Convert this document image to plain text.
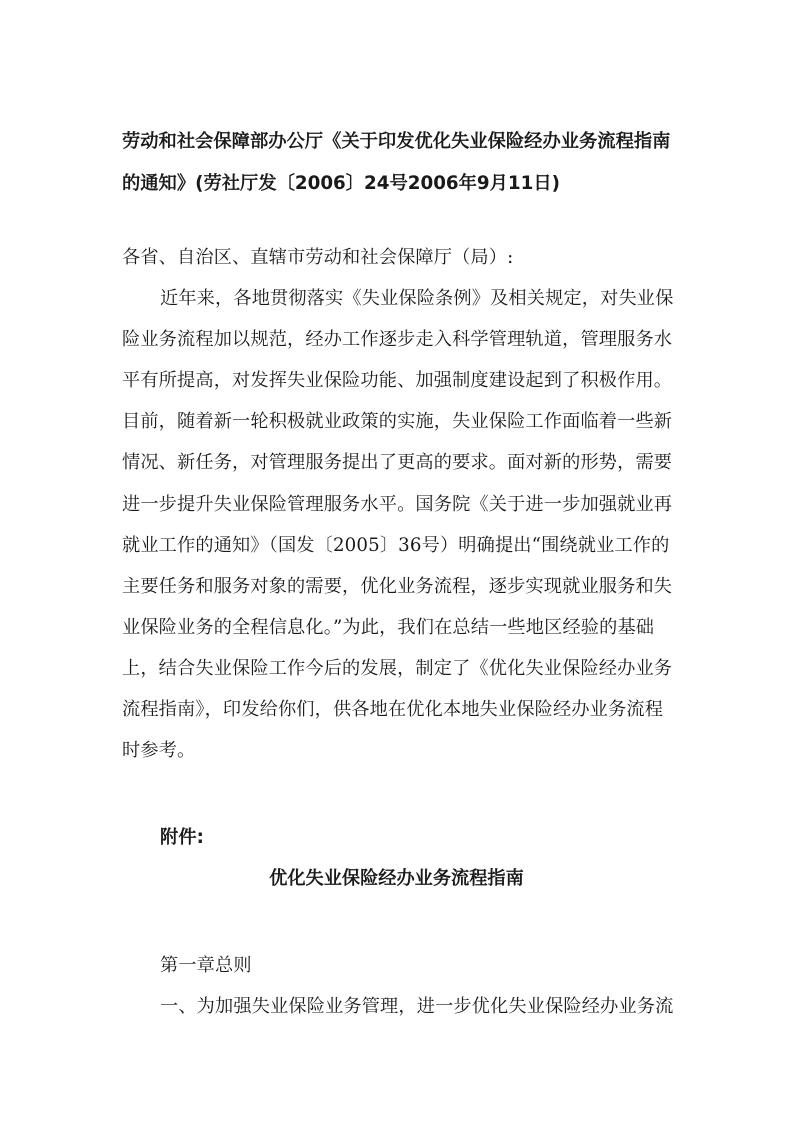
劳动和社会保障部办公厅《关于印发优化失业保险经办业务流程指南
的通知》(劳社厅发〔2006〕24号2006年9月11日)
各省、自治区、直辖市劳动和社会保障厅（局）:
近年来，各地贯彻落实《失业保险条例》及相关规定，对失业保
险业务流程加以规范，经办工作逐步走入科学管理轨道，管理服务水
平有所提高，对发挥失业保险功能、加强制度建设起到了积极作用。
目前，随着新一轮积极就业政策的实施，失业保险工作面临着一些新
情况、新任务，对管理服务提出了更高的要求。面对新的形势，需要
进一步提升失业保险管理服务水平。国务院《关于进一步加强就业再
就业工作的通知》（国发〔2005〕36号）明确提出“围绕就业工作的
主要任务和服务对象的需要，优化业务流程，逐步实现就业服务和失
业保险业务的全程信息化。”为此，我们在总结一些地区经验的基础
上，结合失业保险工作今后的发展，制定了《优化失业保险经办业务
流程指南》，印发给你们，供各地在优化本地失业保险经办业务流程
时参考。
附件:
优化失业保险经办业务流程指南
第一章总则
一、为加强失业保险业务管理，进一步优化失业保险经办业务流
